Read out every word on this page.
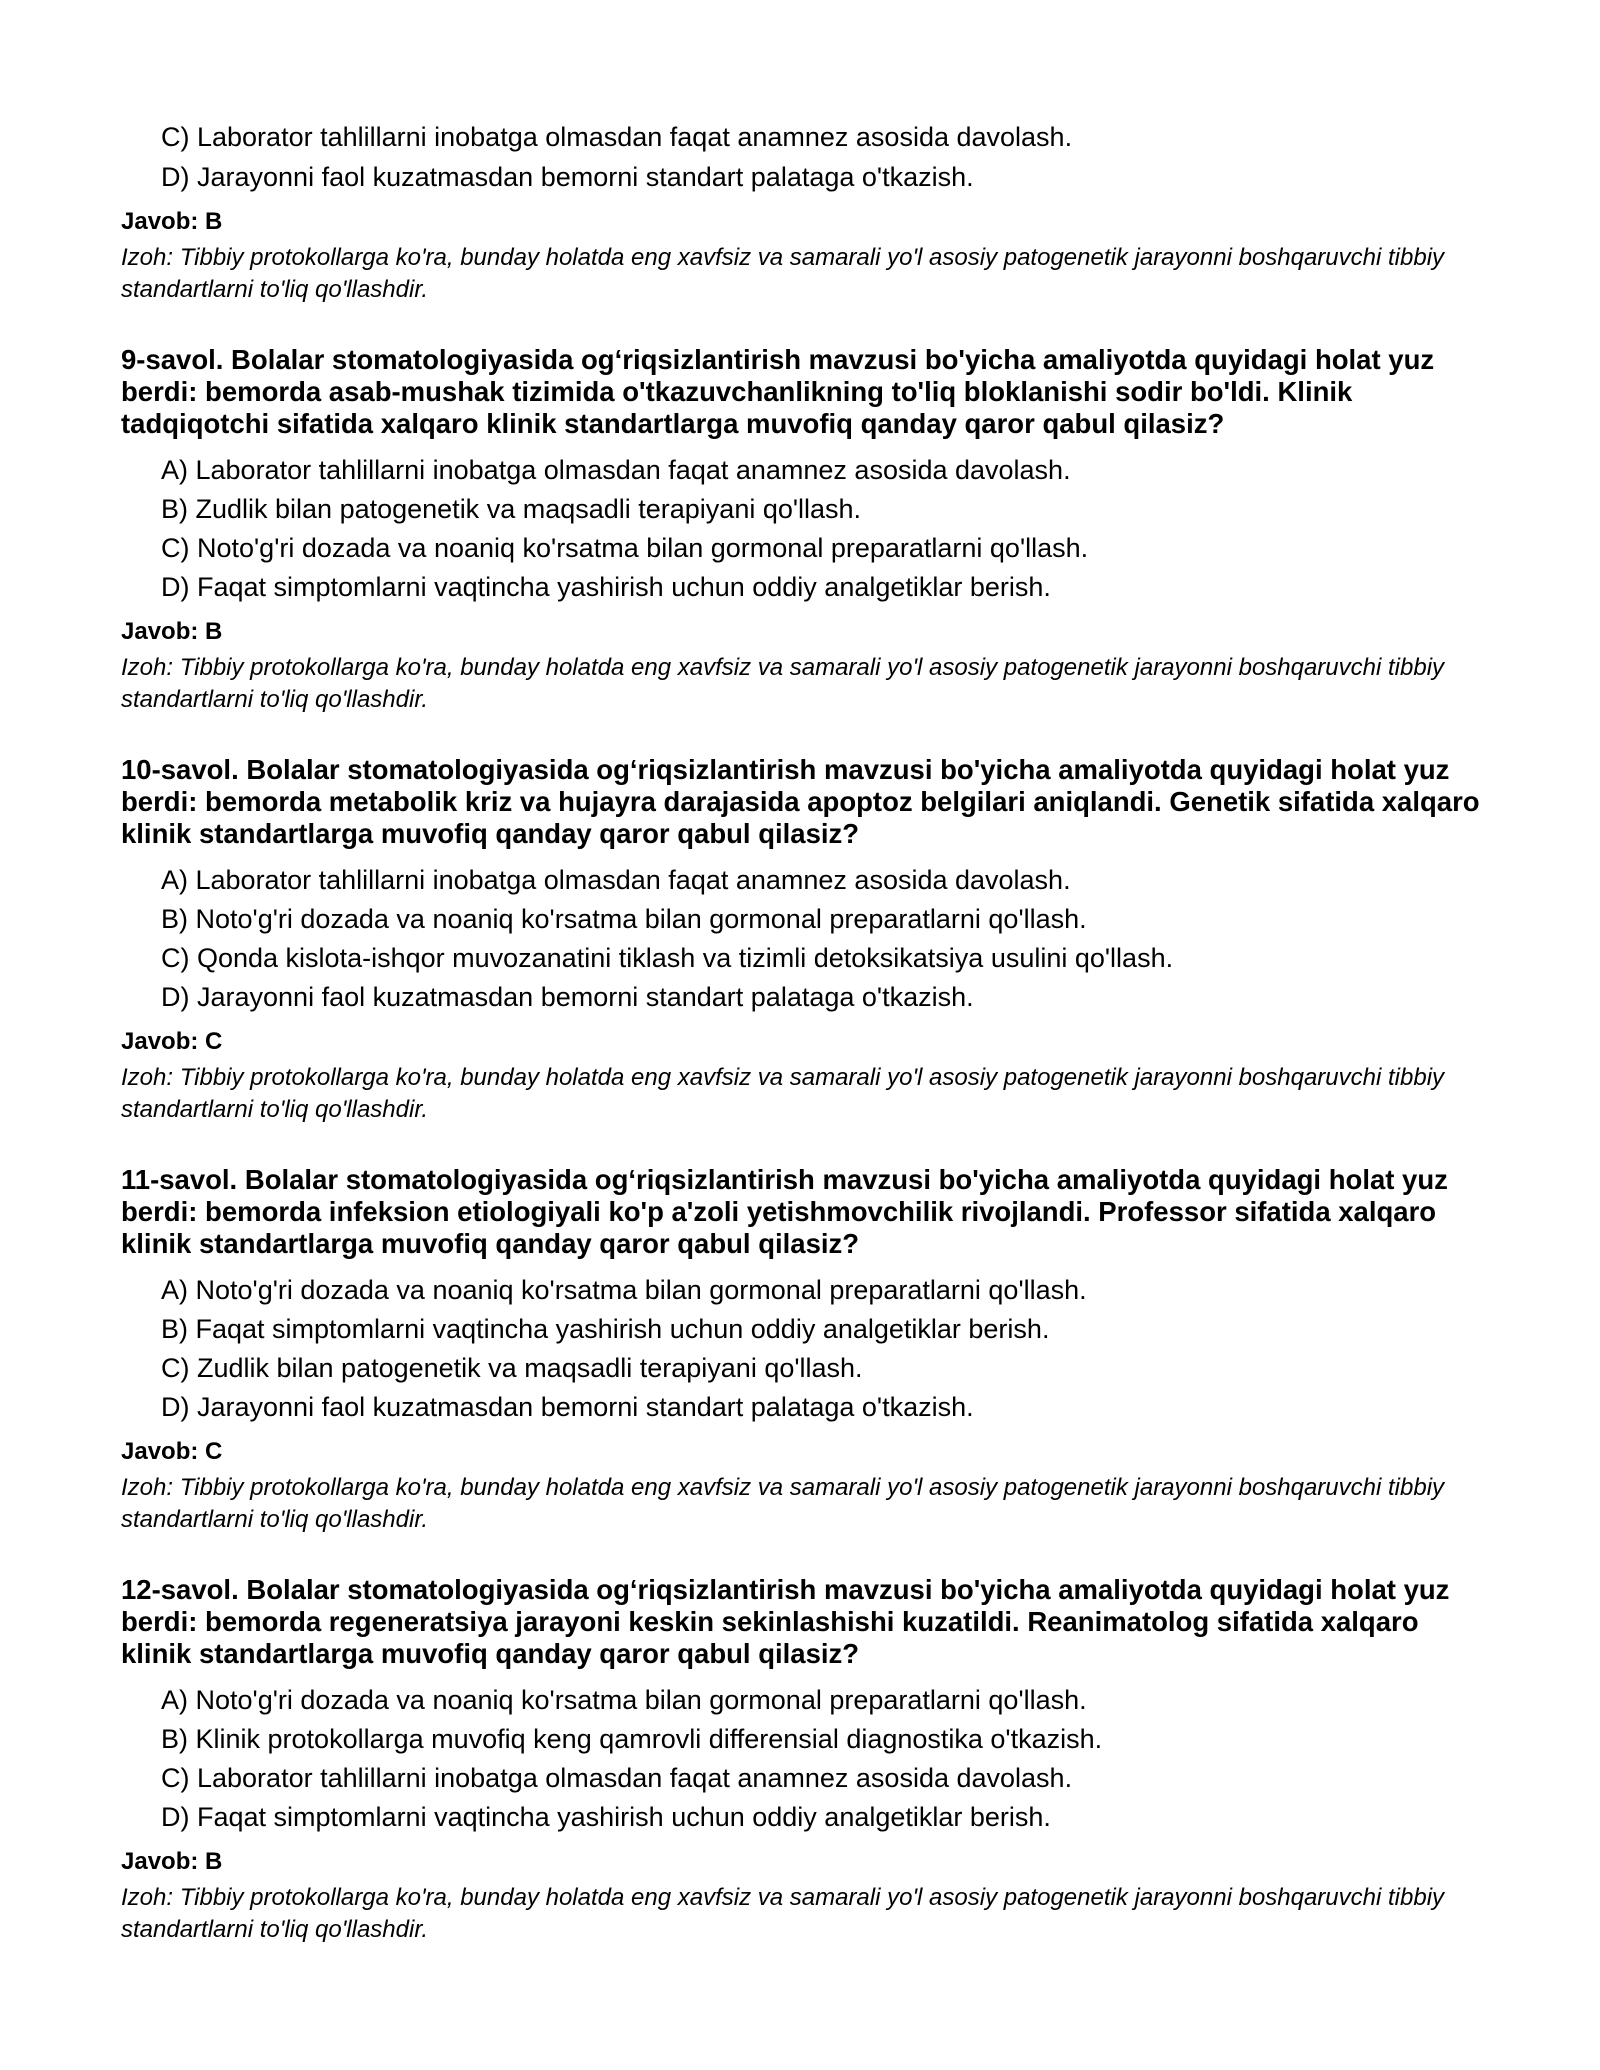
C) Laborator tahlillarni inobatga olmasdan faqat anamnez asosida davolash.
D) Jarayonni faol kuzatmasdan bemorni standart palataga o'tkazish.
Javob: B
Izoh: Tibbiy protokollarga ko'ra, bunday holatda eng xavfsiz va samarali yo'l asosiy patogenetik jarayonni boshqaruvchi tibbiy standartlarni to'liq qo'llashdir.
9-savol. Bolalar stomatologiyasida og‘riqsizlantirish mavzusi bo'yicha amaliyotda quyidagi holat yuz berdi: bemorda asab-mushak tizimida o'tkazuvchanlikning to'liq bloklanishi sodir bo'ldi. Klinik tadqiqotchi sifatida xalqaro klinik standartlarga muvofiq qanday qaror qabul qilasiz?
A) Laborator tahlillarni inobatga olmasdan faqat anamnez asosida davolash.
B) Zudlik bilan patogenetik va maqsadli terapiyani qo'llash.
C) Noto'g'ri dozada va noaniq ko'rsatma bilan gormonal preparatlarni qo'llash.
D) Faqat simptomlarni vaqtincha yashirish uchun oddiy analgetiklar berish.
Javob: B
Izoh: Tibbiy protokollarga ko'ra, bunday holatda eng xavfsiz va samarali yo'l asosiy patogenetik jarayonni boshqaruvchi tibbiy standartlarni to'liq qo'llashdir.
10-savol. Bolalar stomatologiyasida og‘riqsizlantirish mavzusi bo'yicha amaliyotda quyidagi holat yuz berdi: bemorda metabolik kriz va hujayra darajasida apoptoz belgilari aniqlandi. Genetik sifatida xalqaro klinik standartlarga muvofiq qanday qaror qabul qilasiz?
A) Laborator tahlillarni inobatga olmasdan faqat anamnez asosida davolash.
B) Noto'g'ri dozada va noaniq ko'rsatma bilan gormonal preparatlarni qo'llash.
C) Qonda kislota-ishqor muvozanatini tiklash va tizimli detoksikatsiya usulini qo'llash.
D) Jarayonni faol kuzatmasdan bemorni standart palataga o'tkazish.
Javob: C
Izoh: Tibbiy protokollarga ko'ra, bunday holatda eng xavfsiz va samarali yo'l asosiy patogenetik jarayonni boshqaruvchi tibbiy standartlarni to'liq qo'llashdir.
11-savol. Bolalar stomatologiyasida og‘riqsizlantirish mavzusi bo'yicha amaliyotda quyidagi holat yuz berdi: bemorda infeksion etiologiyali ko'p a'zoli yetishmovchilik rivojlandi. Professor sifatida xalqaro klinik standartlarga muvofiq qanday qaror qabul qilasiz?
A) Noto'g'ri dozada va noaniq ko'rsatma bilan gormonal preparatlarni qo'llash.
B) Faqat simptomlarni vaqtincha yashirish uchun oddiy analgetiklar berish.
C) Zudlik bilan patogenetik va maqsadli terapiyani qo'llash.
D) Jarayonni faol kuzatmasdan bemorni standart palataga o'tkazish.
Javob: C
Izoh: Tibbiy protokollarga ko'ra, bunday holatda eng xavfsiz va samarali yo'l asosiy patogenetik jarayonni boshqaruvchi tibbiy standartlarni to'liq qo'llashdir.
12-savol. Bolalar stomatologiyasida og‘riqsizlantirish mavzusi bo'yicha amaliyotda quyidagi holat yuz berdi: bemorda regeneratsiya jarayoni keskin sekinlashishi kuzatildi. Reanimatolog sifatida xalqaro klinik standartlarga muvofiq qanday qaror qabul qilasiz?
A) Noto'g'ri dozada va noaniq ko'rsatma bilan gormonal preparatlarni qo'llash.
B) Klinik protokollarga muvofiq keng qamrovli differensial diagnostika o'tkazish.
C) Laborator tahlillarni inobatga olmasdan faqat anamnez asosida davolash.
D) Faqat simptomlarni vaqtincha yashirish uchun oddiy analgetiklar berish.
Javob: B
Izoh: Tibbiy protokollarga ko'ra, bunday holatda eng xavfsiz va samarali yo'l asosiy patogenetik jarayonni boshqaruvchi tibbiy standartlarni to'liq qo'llashdir.
